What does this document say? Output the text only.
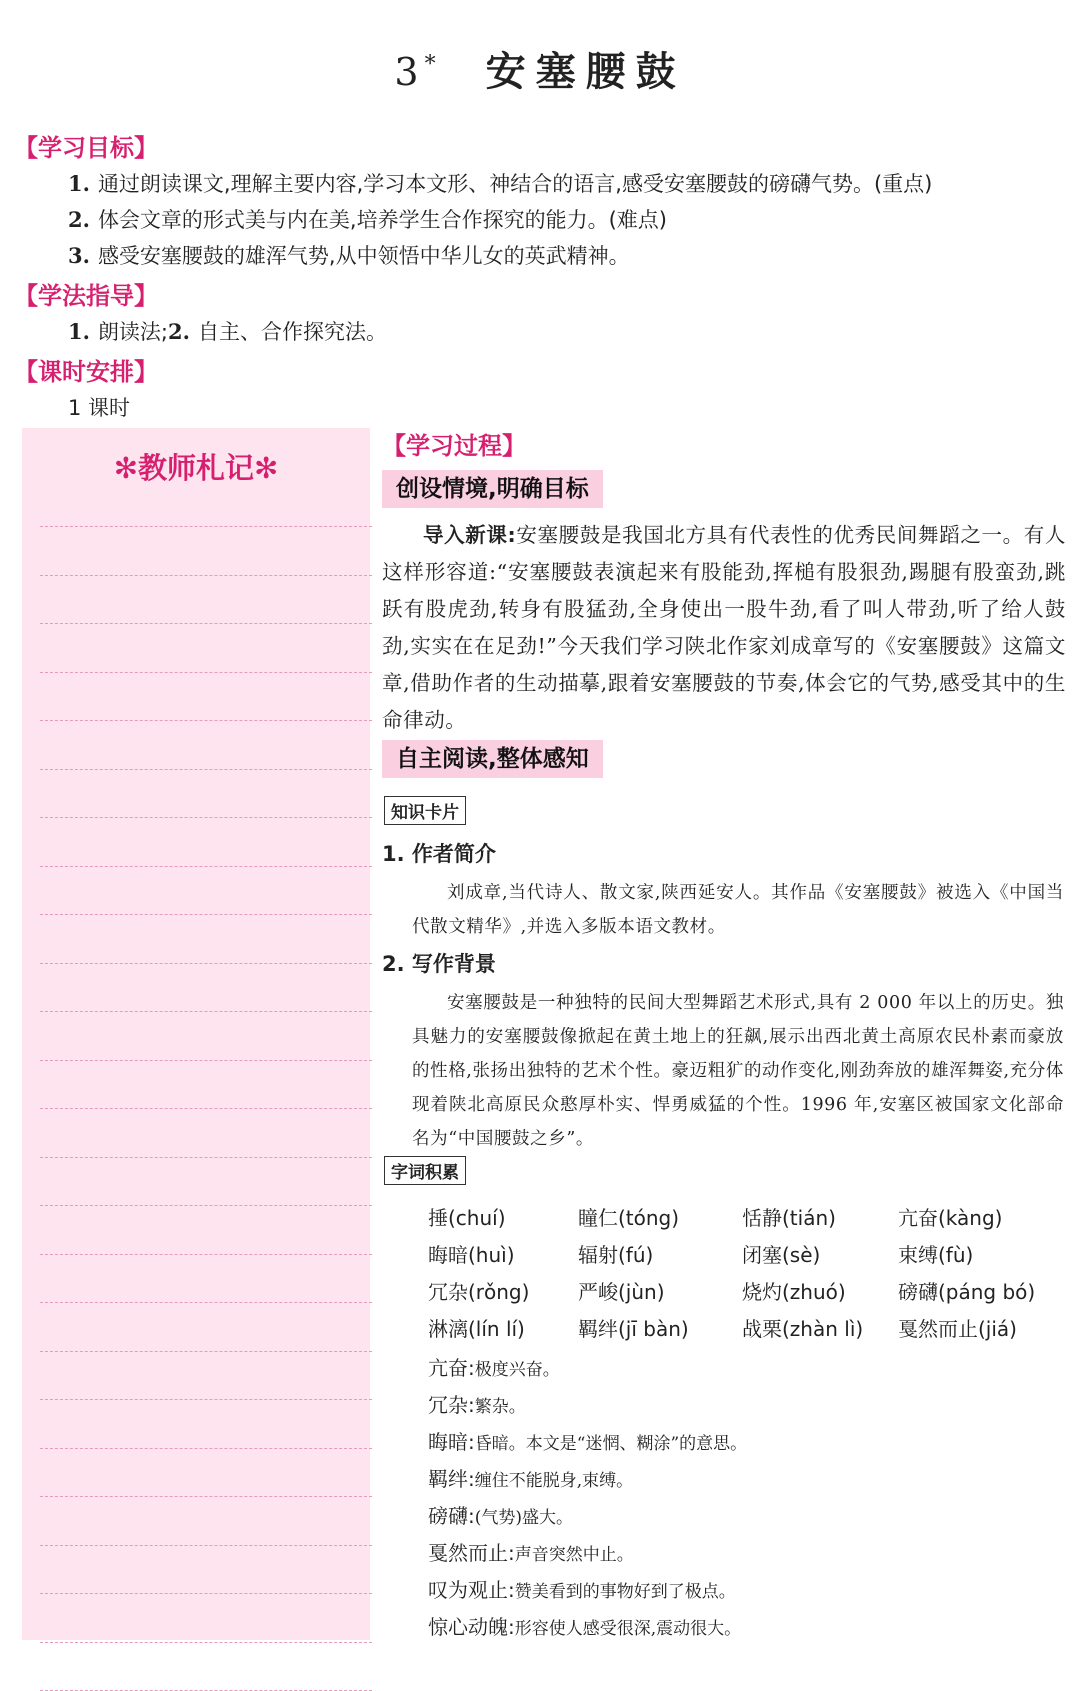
3* 安塞腰鼓
【学习目标】
1. 通过朗读课文,理解主要内容,学习本文形、神结合的语言,感受安塞腰鼓的磅礴气势。(重点)
2. 体会文章的形式美与内在美,培养学生合作探究的能力。(难点)
3. 感受安塞腰鼓的雄浑气势,从中领悟中华儿女的英武精神。
【学法指导】
1. 朗读法;2. 自主、合作探究法。
【课时安排】
1 课时
✻教师札记✻
【学习过程】
创设情境,明确目标
导入新课:安塞腰鼓是我国北方具有代表性的优秀民间舞蹈之一。有人这样形容道:“安塞腰鼓表演起来有股能劲,挥槌有股狠劲,踢腿有股蛮劲,跳跃有股虎劲,转身有股猛劲,全身使出一股牛劲,看了叫人带劲,听了给人鼓劲,实实在在足劲!”今天我们学习陕北作家刘成章写的《安塞腰鼓》这篇文章,借助作者的生动描摹,跟着安塞腰鼓的节奏,体会它的气势,感受其中的生命律动。
自主阅读,整体感知
知识卡片
1. 作者简介
刘成章,当代诗人、散文家,陕西延安人。其作品《安塞腰鼓》被选入《中国当代散文精华》,并选入多版本语文教材。
2. 写作背景
安塞腰鼓是一种独特的民间大型舞蹈艺术形式,具有 2 000 年以上的历史。独具魅力的安塞腰鼓像掀起在黄土地上的狂飙,展示出西北黄土高原农民朴素而豪放的性格,张扬出独特的艺术个性。豪迈粗犷的动作变化,刚劲奔放的雄浑舞姿,充分体现着陕北高原民众憨厚朴实、悍勇威猛的个性。1996 年,安塞区被国家文化部命名为“中国腰鼓之乡”。
字词积累
捶(chuí)	瞳仁(tóng)	恬静(tián)	亢奋(kàng)
晦暗(huì)	辐射(fú)	闭塞(sè)	束缚(fù)
冗杂(rǒng) 严峻(jùn)	烧灼(zhuó)	磅礴(páng bó)
淋漓(lín lí)	羁绊(jī bàn)	战栗(zhàn lì) 戛然而止(jiá)
亢奋:极度兴奋。
冗杂:繁杂。
晦暗:昏暗。本文是“迷惘、糊涂”的意思。
羁绊:缠住不能脱身,束缚。
磅礴:(气势)盛大。
戛然而止:声音突然中止。
叹为观止:赞美看到的事物好到了极点。
惊心动魄:形容使人感受很深,震动很大。
